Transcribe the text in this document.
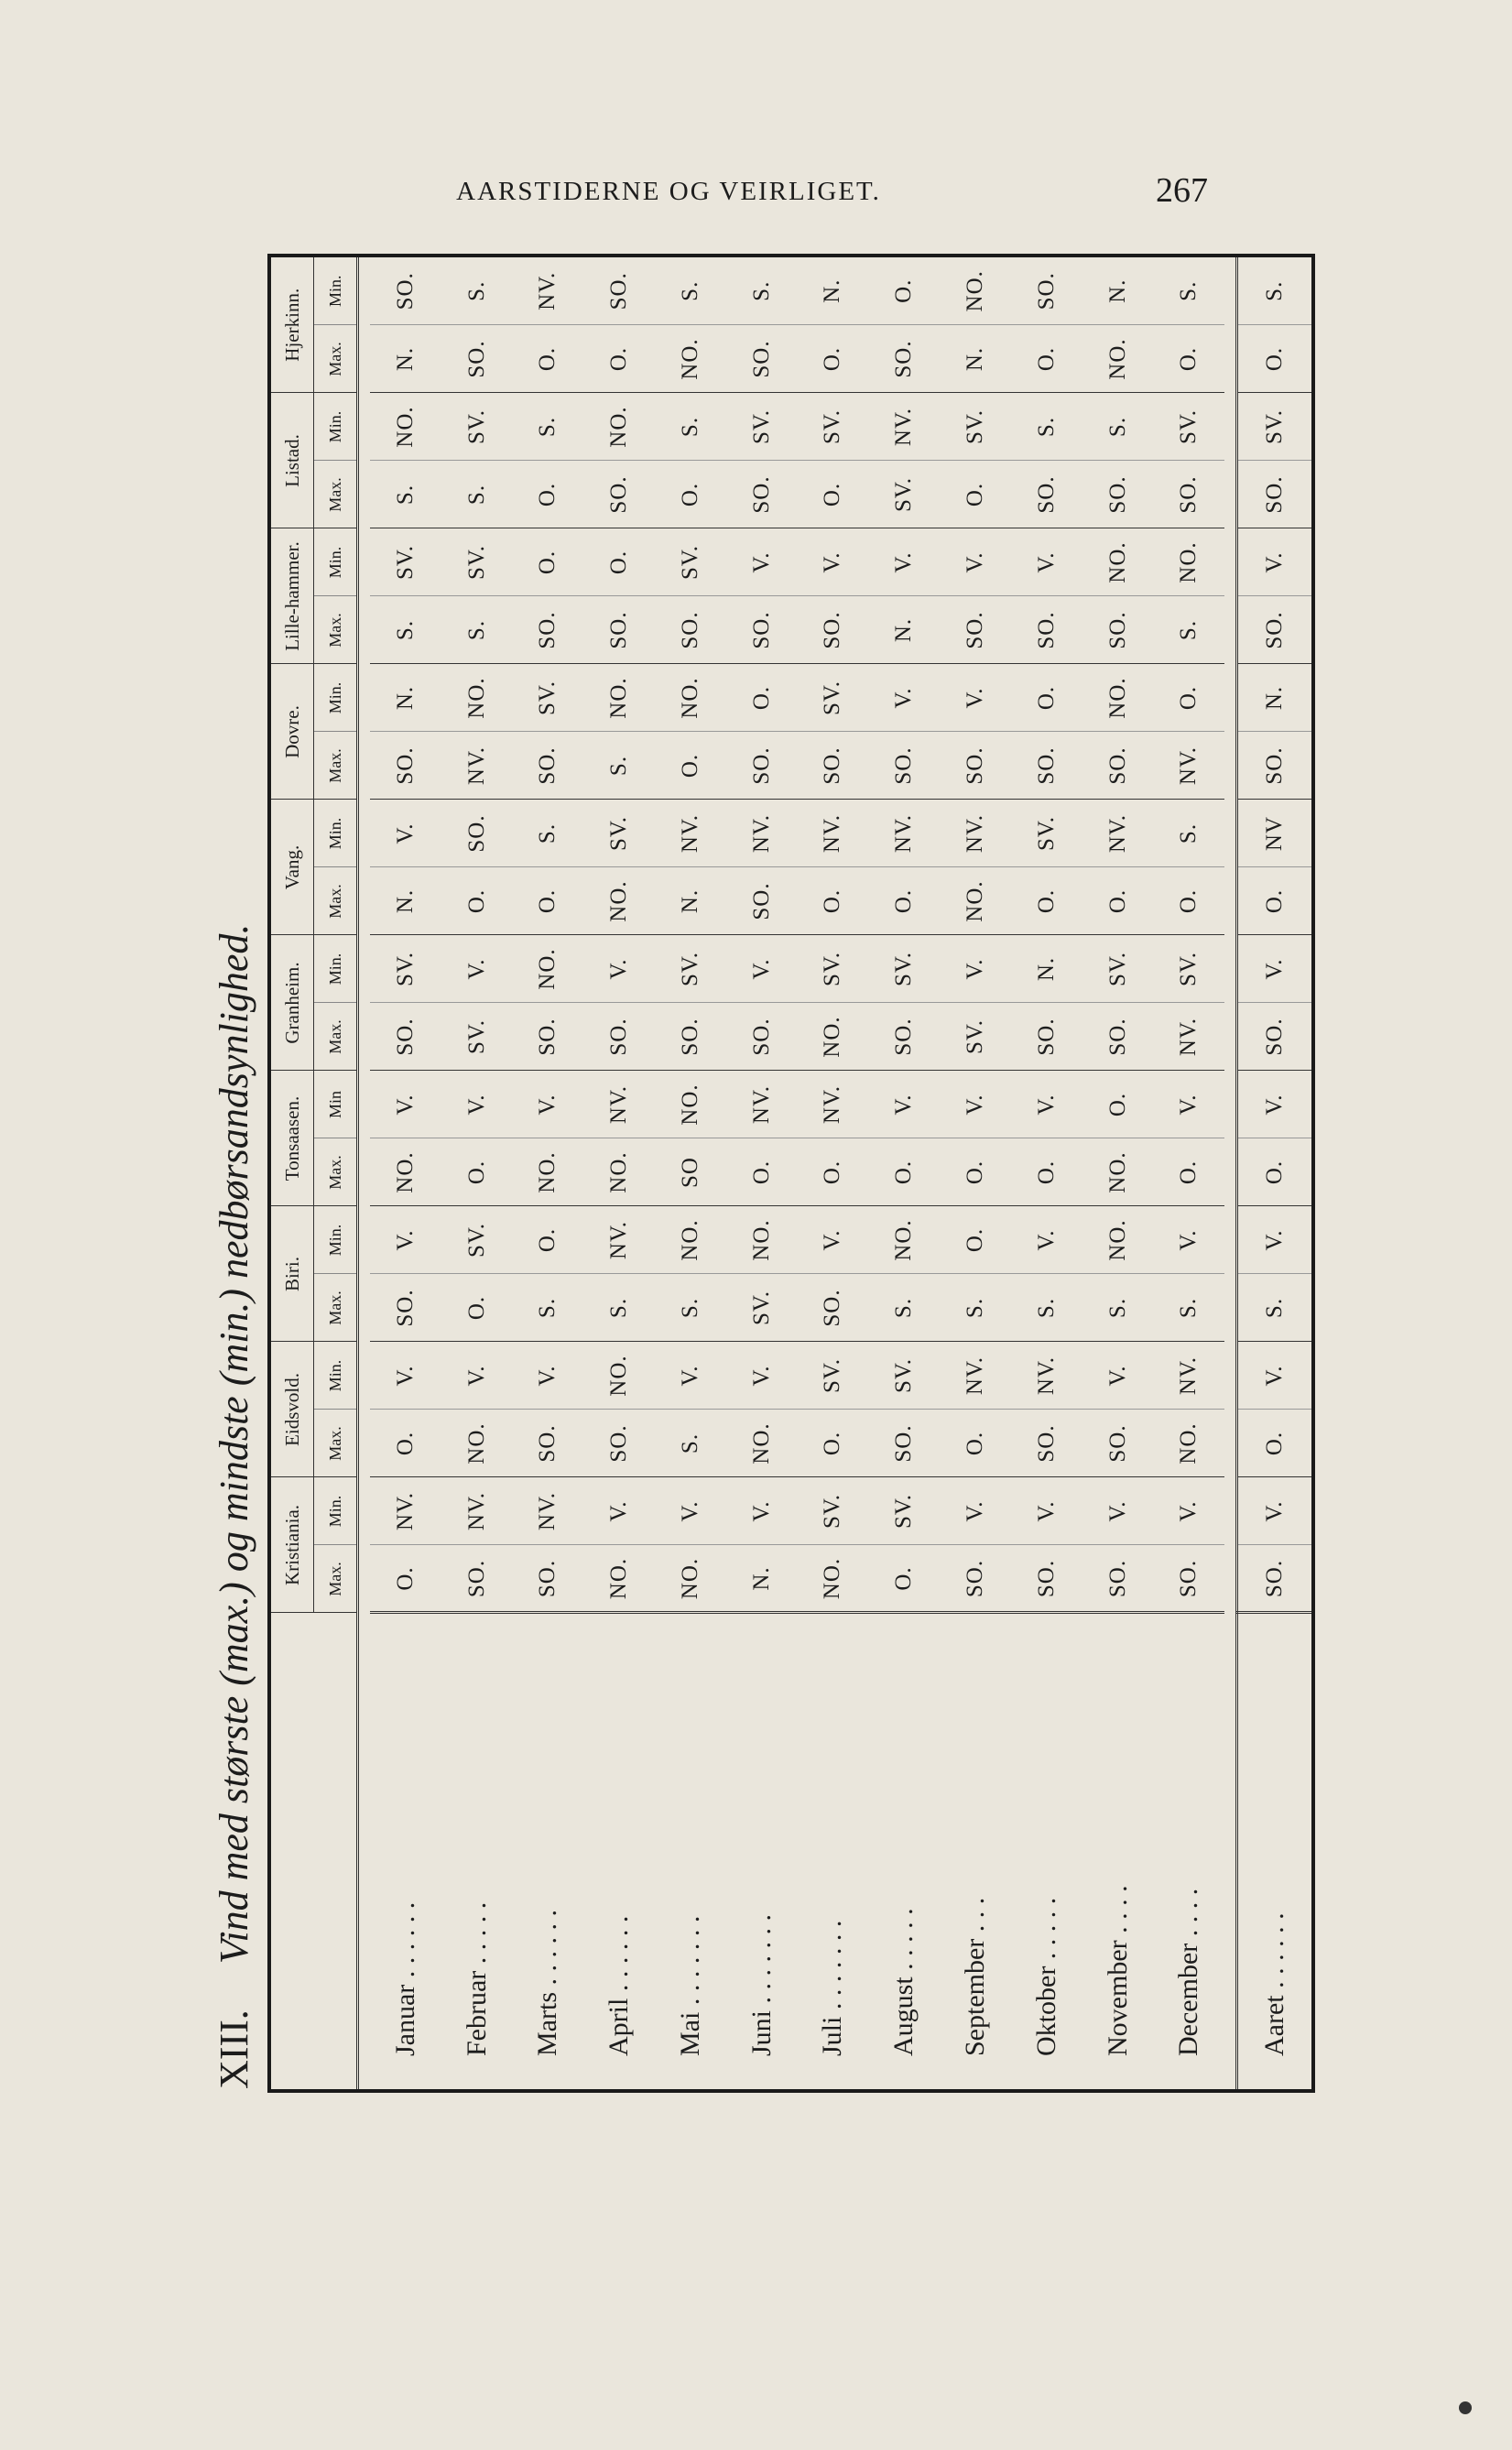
AARSTIDERNE OG VEIRLIGET.	267
XIII.
Vind med største (max.) og mindste (min.) nedbørsandsynlighed.
	Kristiania.		Eidsvold.		Biri.		Tonsaasen.		Granheim.		Vang.		Dovre.		Lille-hammer.		Listad.		Hjerkinn.	
	Max.	Min.	Max.	Min.	Max.	Min.	Max.	Min	Max.	Min.	Max.	Min.	Max.	Min.	Max.	Min.	Max.	Min.	Max.	Min.

Januar . . . . . .	O.	NV.	O.	V.	SO.	V.	NO.	V.	SO.	SV.	N.	V.	SO.	N.	S.	SV.	S.	NO.	N.	SO.
Februar . . . . .	SO.	NV.	NO.	V.	O.	SV.	O.	V.	SV.	V.	O.	SO.	NV.	NO.	S.	SV.	S.	SV.	SO.	S.
Marts . . . . . .	SO.	NV.	SO.	V.	S.	O.	NO.	V.	SO.	NO.	O.	S.	SO.	SV.	SO.	O.	O.	S.	O.	NV.
April . . . . . .	NO.	V.	SO.	NO.	S.	NV.	NO.	NV.	SO.	V.	NO.	SV.	S.	NO.	SO.	O.	SO.	NO.	O.	SO.
Mai . . . . . . .	NO.	V.	S.	V.	S.	NO.	SO	NO.	SO.	SV.	N.	NV.	O.	NO.	SO.	SV.	O.	S.	NO.	S.
Juni . . . . . . .	N.	V.	NO.	V.	SV.	NO.	O.	NV.	SO.	V.	SO.	NV.	SO.	O.	SO.	V.	SO.	SV.	SO.	S.
Juli . . . . . . .	NO.	SV.	O.	SV.	SO.	V.	O.	NV.	NO.	SV.	O.	NV.	SO.	SV.	SO.	V.	O.	SV.	O.	N.
August . . . . .	O.	SV.	SO.	SV.	S.	NO.	O.	V.	SO.	SV.	O.	NV.	SO.	V.	N.	V.	SV.	NV.	SO.	O.
September . . .	SO.	V.	O.	NV.	S.	O.	O.	V.	SV.	V.	NO.	NV.	SO.	V.	SO.	V.	O.	SV.	N.	NO.
Oktober . . . . .	SO.	V.	SO.	NV.	S.	V.	O.	V.	SO.	N.	O.	SV.	SO.	O.	SO.	V.	SO.	S.	O.	SO.
November . . . .	SO.	V.	SO.	V.	S.	NO.	NO.	O.	SO.	SV.	O.	NV.	SO.	NO.	SO.	NO.	SO.	S.	NO.	N.
December . . . .	SO.	V.	NO.	NV.	S.	V.	O.	V.	NV.	SV.	O.	S.	NV.	O.	S.	NO.	SO.	SV.	O.	S.

Aaret . . . . . .	SO.	V.	O.	V.	S.	V.	O.	V.	SO.	V.	O.	NV	SO.	N.	SO.	V.	SO.	SV.	O.	S.
